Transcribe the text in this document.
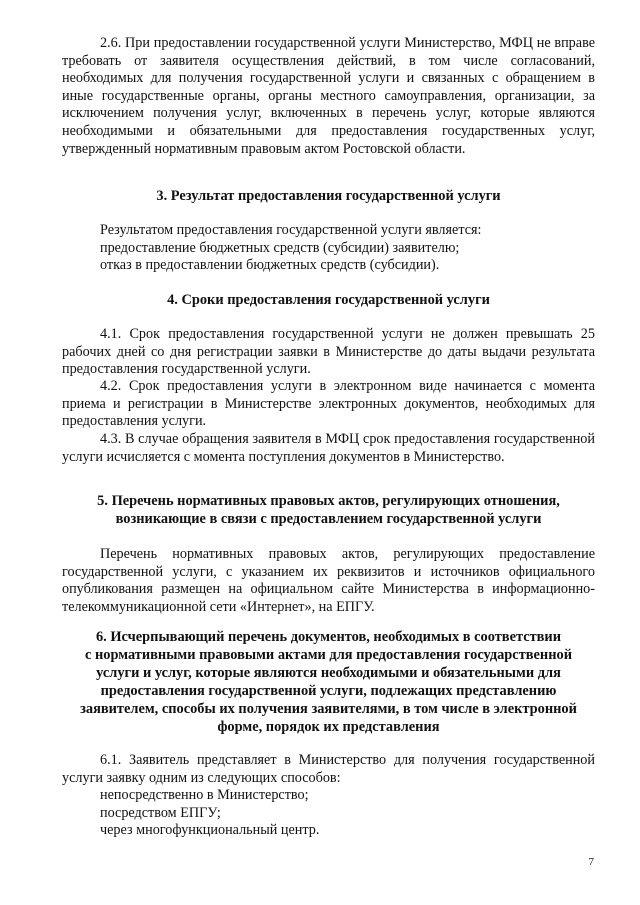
2.6. При предоставлении государственной услуги Министерство, МФЦ не вправе требовать от заявителя осуществления действий, в том числе согласований, необходимых для получения государственной услуги и связанных с обращением в иные государственные органы, органы местного самоуправления, организации, за исключением получения услуг, включенных в перечень услуг, которые являются необходимыми и обязательными для предоставления государственных услуг, утвержденный нормативным правовым актом Ростовской области.
3. Результат предоставления государственной услуги
Результатом предоставления государственной услуги является:
предоставление бюджетных средств (субсидии) заявителю;
отказ в предоставлении бюджетных средств (субсидии).
4. Сроки предоставления государственной услуги
4.1. Срок предоставления государственной услуги не должен превышать 25 рабочих дней со дня регистрации заявки в Министерстве до даты выдачи результата предоставления государственной услуги.
4.2. Срок предоставления услуги в электронном виде начинается с момента приема и регистрации в Министерстве электронных документов, необходимых для предоставления услуги.
4.3. В случае обращения заявителя в МФЦ срок предоставления государственной услуги исчисляется с момента поступления документов в Министерство.
5. Перечень нормативных правовых актов, регулирующих отношения,
возникающие в связи с предоставлением государственной услуги
Перечень нормативных правовых актов, регулирующих предоставление государственной услуги, с указанием их реквизитов и источников официального опубликования размещен на официальном сайте Министерства в информационно-телекоммуникационной сети «Интернет», на ЕПГУ.
6. Исчерпывающий перечень документов, необходимых в соответствии
с нормативными правовыми актами для предоставления государственной
услуги и услуг, которые являются необходимыми и обязательными для
предоставления государственной услуги, подлежащих представлению
заявителем, способы их получения заявителями, в том числе в электронной
форме, порядок их представления
6.1. Заявитель представляет в Министерство для получения государственной услуги заявку одним из следующих способов:
непосредственно в Министерство;
посредством ЕПГУ;
через многофункциональный центр.
7
